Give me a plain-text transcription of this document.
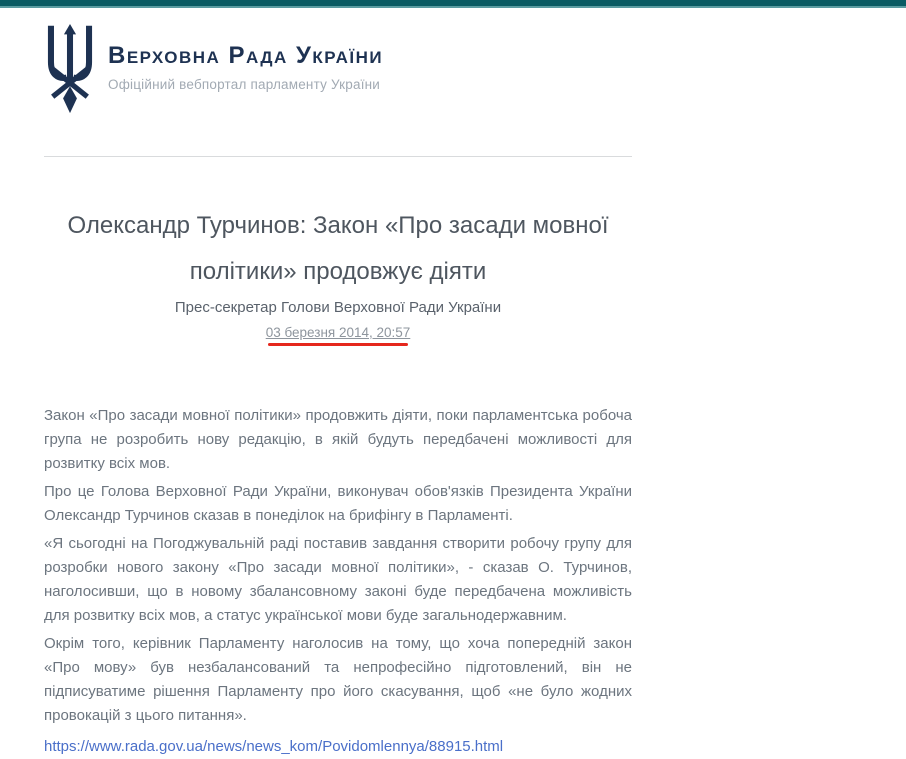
Верховна Рада України
Офіційний вебпортал парламенту України
Олександр Турчинов: Закон «Про засади мовної політики» продовжує діяти
Прес-секретар Голови Верховної Ради України
03 березня 2014, 20:57

Закон «Про засади мовної політики» продовжить діяти, поки парламентська робоча група не розробить нову редакцію, в якій будуть передбачені можливості для розвитку всіх мов.

Про це Голова Верховної Ради України, виконувач обов'язків Президента України Олександр Турчинов сказав в понеділок на брифінгу в Парламенті.

«Я сьогодні на Погоджувальній раді поставив завдання створити робочу групу для розробки нового закону «Про засади мовної політики», - сказав О. Турчинов, наголосивши, що в новому збалансовному законі буде передбачена можливість для розвитку всіх мов, а статус української мови буде загальнодержавним.

Окрім того, керівник Парламенту наголосив на тому, що хоча попередній закон «Про мову» був незбалансований та непрофесійно підготовлений, він не підписуватиме рішення Парламенту про його скасування, щоб «не було жодних провокацій з цього питання».

https://www.rada.gov.ua/news/news_kom/Povidomlennya/88915.html
